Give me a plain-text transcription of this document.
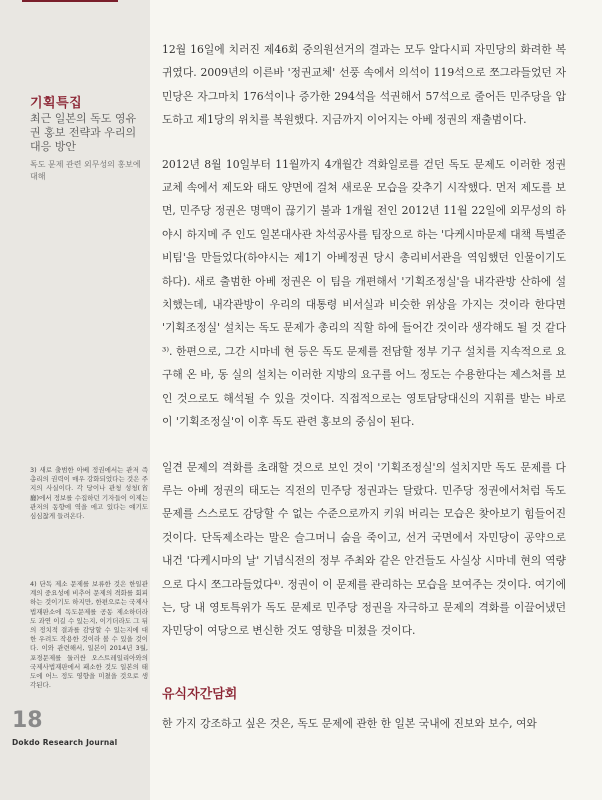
기획특집
최근 일본의 독도 영유권 홍보 전략과 우리의 대응 방안
독도 문제 관련 외무성의 홍보에 대해
3) 새로 출범한 아베 정권에서는 관저 즉 총리의 권력이 매우 강화되었다는 것은 주지의 사실이다. 각 당이나 관청 성청(省廳)에서 정보를 수집하던 기자들이 이제는 관저의 동향에 역을 에고 있다는 얘기도 심심찮게 들려온다.
4) 단독 제소 문제를 보류한 것은 한일관계의 중요성에 비추어 문제의 격화를 회피하는 것이기도 하지만, 한편으로는 국제사법재판소에 독도문제를 공동 제소하더라도 과연 이길 수 있는지, 이기더라도 그 뒤의 정치적 결과를 감당할 수 있는지에 대한 우려도 작용한 것이라 볼 수 있을 것이다. 이와 관련해서, 일본이 2014년 3월, 포경문제를 둘러싼 오스트레일리아와의 국제사법재판에서 패소한 것도 일본의 태도에 어느 정도 영향을 미쳤을 것으로 생각된다.
18
Dokdo Research Journal

12월 16일에 치러진 제46회 중의원선거의 결과는 모두 알다시피 자민당의 화려한 복귀였다. 2009년의 이른바 '정권교체' 선풍 속에서 의석이 119석으로 쪼그라들었던 자민당은 자그마치 176석이나 증가한 294석을 석권해서 57석으로 줄어든 민주당을 압도하고 제1당의 위치를 복원했다. 지금까지 이어지는 아베 정권의 재출범이다.

2012년 8월 10일부터 11월까지 4개월간 격화일로를 걷던 독도 문제도 이러한 정권교체 속에서 제도와 태도 양면에 걸쳐 새로운 모습을 갖추기 시작했다. 먼저 제도를 보면, 민주당 정권은 명맥이 끊기기 불과 1개월 전인 2012년 11월 22일에 외무성의 하야시 하지메 주 인도 일본대사관 차석공사를 팀장으로 하는 '다케시마문제 대책 특별준비팀'을 만들었다(하야시는 제1기 아베정권 당시 총리비서관을 역임했던 인물이기도 하다). 새로 출범한 아베 정권은 이 팀을 개편해서 '기획조정실'을 내각관방 산하에 설치했는데, 내각관방이 우리의 대통령 비서실과 비슷한 위상을 가지는 것이라 한다면 '기획조정실' 설치는 독도 문제가 총리의 직할 하에 들어간 것이라 생각해도 될 것 같다³⁾. 한편으로, 그간 시마네 현 등은 독도 문제를 전담할 정부 기구 설치를 지속적으로 요구해 온 바, 동 실의 설치는 이러한 지방의 요구를 어느 정도는 수용한다는 제스처를 보인 것으로도 해석될 수 있을 것이다. 직접적으로는 영토담당대신의 지휘를 받는 바로 이 '기획조정실'이 이후 독도 관련 홍보의 중심이 된다.

일견 문제의 격화를 초래할 것으로 보인 것이 '기획조정실'의 설치지만 독도 문제를 다루는 아베 정권의 태도는 직전의 민주당 정권과는 달랐다. 민주당 정권에서처럼 독도 문제를 스스로도 감당할 수 없는 수준으로까지 키워 버리는 모습은 찾아보기 힘들어진 것이다. 단독제소라는 말은 슬그머니 숨을 죽이고, 선거 국면에서 자민당이 공약으로 내건 '다케시마의 날' 기념식전의 정부 주최와 같은 안건들도 사실상 시마네 현의 역량으로 다시 쪼그라들었다⁴⁾. 정권이 이 문제를 관리하는 모습을 보여주는 것이다. 여기에는, 당 내 영토특위가 독도 문제로 민주당 정권을 자극하고 문제의 격화를 이끌어냈던 자민당이 여당으로 변신한 것도 영향을 미쳤을 것이다.

유식자간담회
한 가지 강조하고 싶은 것은, 독도 문제에 관한 한 일본 국내에 진보와 보수, 여와
